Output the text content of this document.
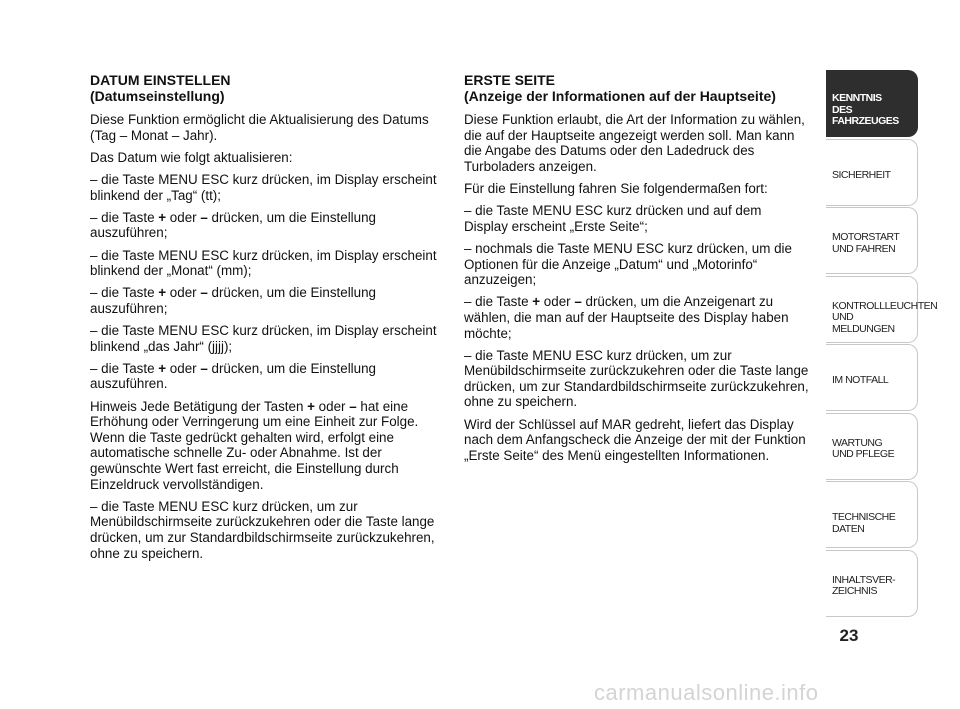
DATUM EINSTELLEN
(Datumseinstellung)

Diese Funktion ermöglicht die Aktualisierung des Datums (Tag – Monat – Jahr).

Das Datum wie folgt aktualisieren:

– die Taste MENU ESC kurz drücken, im Display erscheint blinkend der „Tag“ (tt);

– die Taste + oder – drücken, um die Einstellung auszuführen;

– die Taste MENU ESC kurz drücken, im Display erscheint blinkend der „Monat“ (mm);

– die Taste + oder – drücken, um die Einstellung auszuführen;

– die Taste MENU ESC kurz drücken, im Display erscheint blinkend „das Jahr“ (jjjj);

– die Taste + oder – drücken, um die Einstellung auszuführen.

Hinweis Jede Betätigung der Tasten + oder – hat eine Erhöhung oder Verringerung um eine Einheit zur Folge. Wenn die Taste gedrückt gehalten wird, erfolgt eine automatische schnelle Zu- oder Abnahme. Ist der gewünschte Wert fast erreicht, die Einstellung durch Einzeldruck vervollständigen.

– die Taste MENU ESC kurz drücken, um zur Menübildschirmseite zurückzukehren oder die Taste lange drücken, um zur Standardbildschirmseite zurückzukehren, ohne zu speichern.

ERSTE SEITE
(Anzeige der Informationen auf der Hauptseite)

Diese Funktion erlaubt, die Art der Information zu wählen, die auf der Hauptseite angezeigt werden soll. Man kann die Angabe des Datums oder den Ladedruck des Turboladers anzeigen.

Für die Einstellung fahren Sie folgendermaßen fort:

– die Taste MENU ESC kurz drücken und auf dem Display erscheint „Erste Seite“;

– nochmals die Taste MENU ESC kurz drücken, um die Optionen für die Anzeige „Datum“ und „Motorinfo“ anzuzeigen;

– die Taste + oder – drücken, um die Anzeigenart zu wählen, die man auf der Hauptseite des Display haben möchte;

– die Taste MENU ESC kurz drücken, um zur Menübildschirmseite zurückzukehren oder die Taste lange drücken, um zur Standardbildschirmseite zurückzukehren, ohne zu speichern.

Wird der Schlüssel auf MAR gedreht, liefert das Display nach dem Anfangscheck die Anzeige der mit der Funktion „Erste Seite“ des Menü eingestellten Informationen.

KENNTNIS
DES FAHRZEUGES
SICHERHEIT
MOTORSTART
UND FAHREN
KONTROLLLEUCHTEN
UND MELDUNGEN
IM NOTFALL
WARTUNG
UND PFLEGE
TECHNISCHE DATEN
INHALTSVER-
ZEICHNIS
23
carmanualsonline.info
